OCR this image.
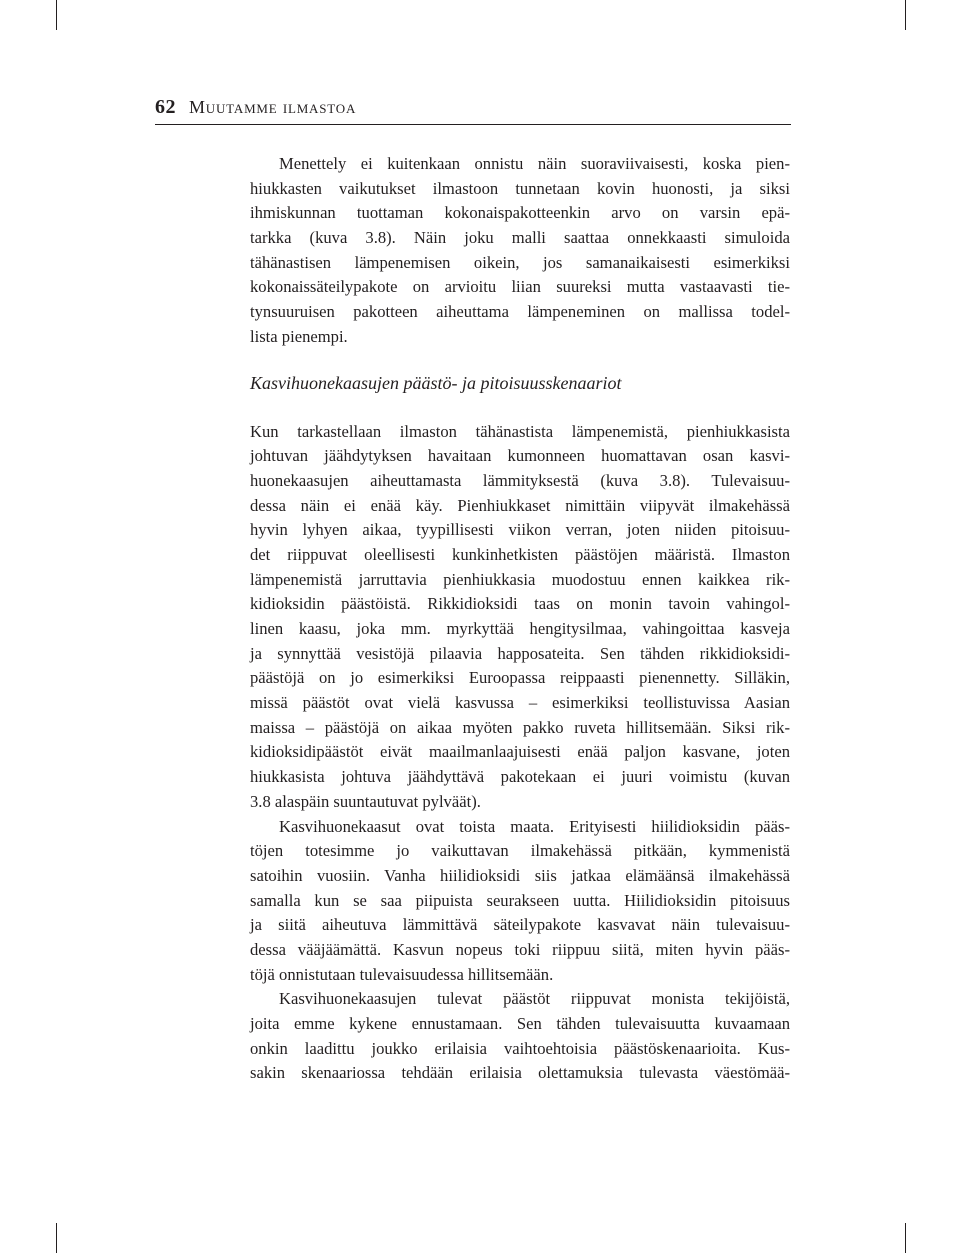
62 Muutamme ilmastoa
Menettely ei kuitenkaan onnistu näin suoraviivaisesti, koska pien-
hiukkasten vaikutukset ilmastoon tunnetaan kovin huonosti, ja siksi
ihmiskunnan tuottaman kokonaispakotteenkin arvo on varsin epä-
tarkka (kuva 3.8). Näin joku malli saattaa onnekkaasti simuloida
tähänastisen lämpenemisen oikein, jos samanaikaisesti esimerkiksi
kokonaissäteilypakote on arvioitu liian suureksi mutta vastaavasti tie-
tynsuuruisen pakotteen aiheuttama lämpeneminen on mallissa todel-
lista pienempi.
Kasvihuonekaasujen päästö- ja pitoisuusskenaariot
Kun tarkastellaan ilmaston tähänastista lämpenemistä, pienhiukkasista
johtuvan jäähdytyksen havaitaan kumonneen huomattavan osan kasvi-
huonekaasujen aiheuttamasta lämmityksestä (kuva 3.8). Tulevaisuu-
dessa näin ei enää käy. Pienhiukkaset nimittäin viipyvät ilmakehässä
hyvin lyhyen aikaa, tyypillisesti viikon verran, joten niiden pitoisuu-
det riippuvat oleellisesti kunkinhetkisten päästöjen määristä. Ilmaston
lämpenemistä jarruttavia pienhiukkasia muodostuu ennen kaikkea rik-
kidioksidin päästöistä. Rikkidioksidi taas on monin tavoin vahingol-
linen kaasu, joka mm. myrkyttää hengitysilmaa, vahingoittaa kasveja
ja synnyttää vesistöjä pilaavia happosateita. Sen tähden rikkidioksidi-
päästöjä on jo esimerkiksi Euroopassa reippaasti pienennetty. Silläkin,
missä päästöt ovat vielä kasvussa – esimerkiksi teollistuvissa Aasian
maissa – päästöjä on aikaa myöten pakko ruveta hillitsemään. Siksi rik-
kidioksidipäästöt eivät maailmanlaajuisesti enää paljon kasvane, joten
hiukkasista johtuva jäähdyttävä pakotekaan ei juuri voimistu (kuvan
3.8 alaspäin suuntautuvat pylväät).
Kasvihuonekaasut ovat toista maata. Erityisesti hiilidioksidin pääs-
töjen totesimme jo vaikuttavan ilmakehässä pitkään, kymmenistä
satoihin vuosiin. Vanha hiilidioksidi siis jatkaa elämäänsä ilmakehässä
samalla kun se saa piipuista seurakseen uutta. Hiilidioksidin pitoisuus
ja siitä aiheutuva lämmittävä säteilypakote kasvavat näin tulevaisuu-
dessa vääjäämättä. Kasvun nopeus toki riippuu siitä, miten hyvin pääs-
töjä onnistutaan tulevaisuudessa hillitsemään.
Kasvihuonekaasujen tulevat päästöt riippuvat monista tekijöistä,
joita emme kykene ennustamaan. Sen tähden tulevaisuutta kuvaamaan
onkin laadittu joukko erilaisia vaihtoehtoisia päästöskenaarioita. Kus-
sakin skenaariossa tehdään erilaisia olettamuksia tulevasta väestömää-
